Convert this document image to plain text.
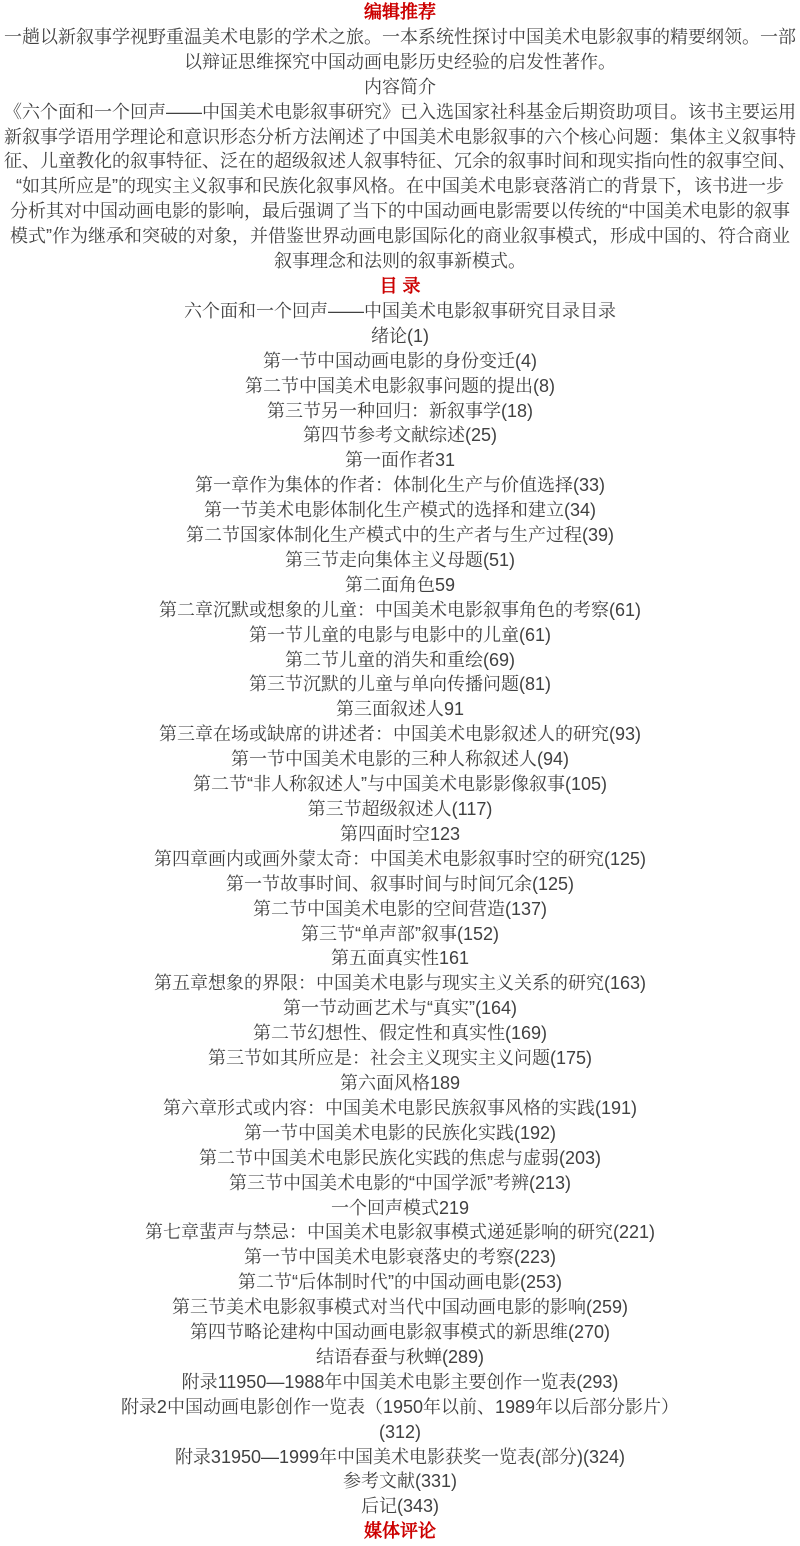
编辑推荐
一趟以新叙事学视野重温美术电影的学术之旅。一本系统性探讨中国美术电影叙事的精要纲领。一部
以辩证思维探究中国动画电影历史经验的启发性著作。
内容简介
《六个面和一个回声——中国美术电影叙事研究》已入选国家社科基金后期资助项目。该书主要运用
新叙事学语用学理论和意识形态分析方法阐述了中国美术电影叙事的六个核心问题：集体主义叙事特
征、儿童教化的叙事特征、泛在的超级叙述人叙事特征、冗余的叙事时间和现实指向性的叙事空间、
“如其所应是”的现实主义叙事和民族化叙事风格。在中国美术电影衰落消亡的背景下，该书进一步
分析其对中国动画电影的影响，最后强调了当下的中国动画电影需要以传统的“中国美术电影的叙事
模式”作为继承和突破的对象，并借鉴世界动画电影国际化的商业叙事模式，形成中国的、符合商业
叙事理念和法则的叙事新模式。
目 录
六个面和一个回声——中国美术电影叙事研究目录目录
绪论(1)
第一节中国动画电影的身份变迁(4)
第二节中国美术电影叙事问题的提出(8)
第三节另一种回归：新叙事学(18)
第四节参考文献综述(25)
第一面作者31
第一章作为集体的作者：体制化生产与价值选择(33)
第一节美术电影体制化生产模式的选择和建立(34)
第二节国家体制化生产模式中的生产者与生产过程(39)
第三节走向集体主义母题(51)
第二面角色59
第二章沉默或想象的儿童：中国美术电影叙事角色的考察(61)
第一节儿童的电影与电影中的儿童(61)
第二节儿童的消失和重绘(69)
第三节沉默的儿童与单向传播问题(81)
第三面叙述人91
第三章在场或缺席的讲述者：中国美术电影叙述人的研究(93)
第一节中国美术电影的三种人称叙述人(94)
第二节“非人称叙述人”与中国美术电影影像叙事(105)
第三节超级叙述人(117)
第四面时空123
第四章画内或画外蒙太奇：中国美术电影叙事时空的研究(125)
第一节故事时间、叙事时间与时间冗余(125)
第二节中国美术电影的空间营造(137)
第三节“单声部”叙事(152)
第五面真实性161
第五章想象的界限：中国美术电影与现实主义关系的研究(163)
第一节动画艺术与“真实”(164)
第二节幻想性、假定性和真实性(169)
第三节如其所应是：社会主义现实主义问题(175)
第六面风格189
第六章形式或内容：中国美术电影民族叙事风格的实践(191)
第一节中国美术电影的民族化实践(192)
第二节中国美术电影民族化实践的焦虑与虚弱(203)
第三节中国美术电影的“中国学派”考辨(213)
一个回声模式219
第七章蜚声与禁忌：中国美术电影叙事模式递延影响的研究(221)
第一节中国美术电影衰落史的考察(223)
第二节“后体制时代”的中国动画电影(253)
第三节美术电影叙事模式对当代中国动画电影的影响(259)
第四节略论建构中国动画电影叙事模式的新思维(270)
结语春蚕与秋蝉(289)
附录11950—1988年中国美术电影主要创作一览表(293)
附录2中国动画电影创作一览表（1950年以前、1989年以后部分影片）
(312)
附录31950—1999年中国美术电影获奖一览表(部分)(324)
参考文献(331)
后记(343)
媒体评论
